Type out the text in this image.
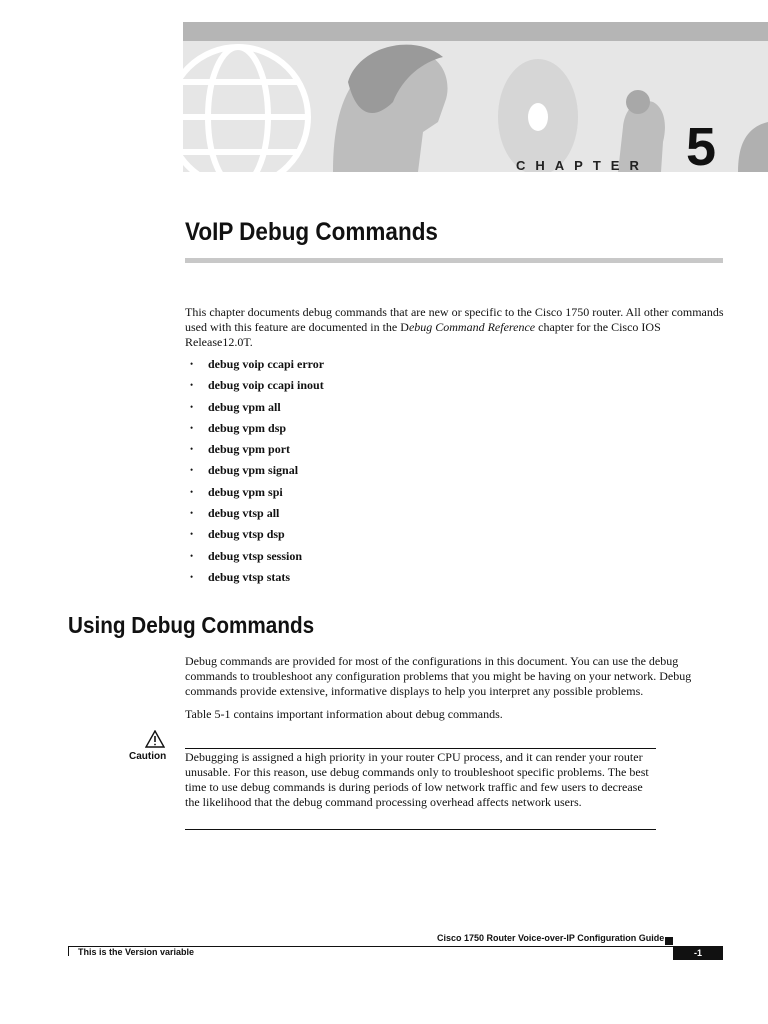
CHAPTER 5
VoIP Debug Commands

This chapter documents debug commands that are new or specific to the Cisco 1750 router. All other commands used with this feature are documented in the Debug Command Reference chapter for the Cisco IOS Release12.0T.

• debug voip ccapi error
• debug voip ccapi inout
• debug vpm all
• debug vpm dsp
• debug vpm port
• debug vpm signal
• debug vpm spi
• debug vtsp all
• debug vtsp dsp
• debug vtsp session
• debug vtsp stats
Using Debug Commands

Debug commands are provided for most of the configurations in this document. You can use the debug commands to troubleshoot any configuration problems that you might be having on your network. Debug commands provide extensive, informative displays to help you interpret any possible problems.

Table 5-1 contains important information about debug commands.

Caution Debugging is assigned a high priority in your router CPU process, and it can render your router unusable. For this reason, use debug commands only to troubleshoot specific problems. The best time to use debug commands is during periods of low network traffic and few users to decrease the likelihood that the debug command processing overhead affects network users.

Cisco 1750 Router Voice-over-IP Configuration Guide
This is the Version variable	-1
